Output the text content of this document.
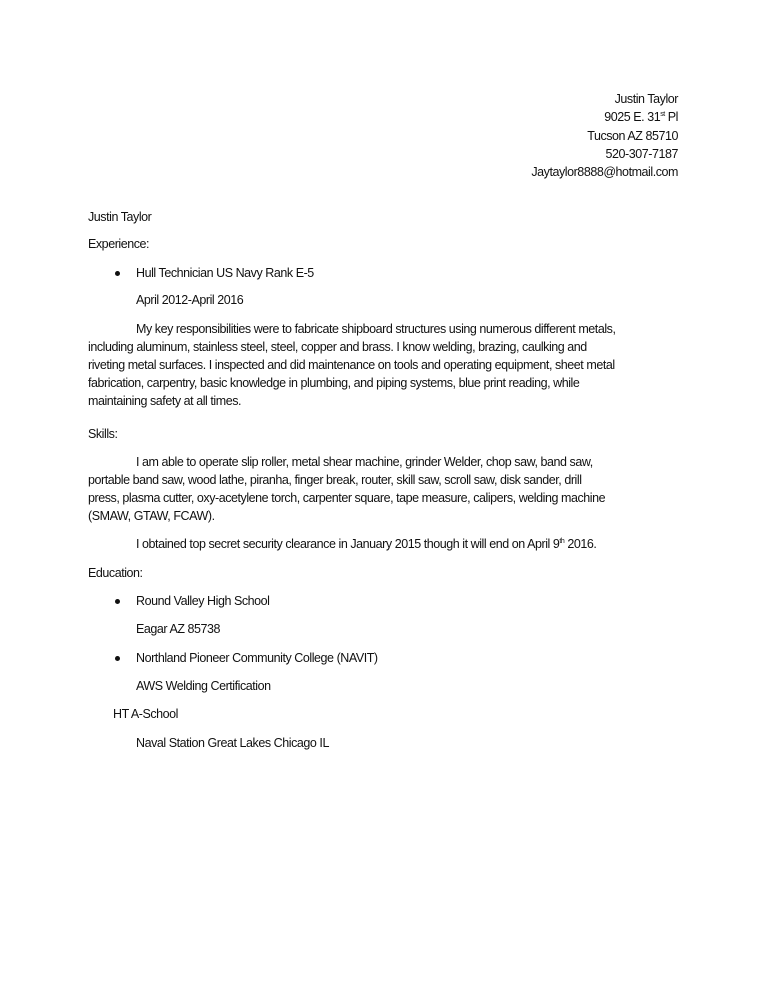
Justin Taylor
9025 E. 31st Pl
Tucson AZ 85710
520-307-7187
Jaytaylor8888@hotmail.com
Justin Taylor
Experience:
Hull Technician US Navy Rank E-5
April 2012-April 2016
My key responsibilities were to fabricate shipboard structures using numerous different metals,
including aluminum, stainless steel, steel, copper and brass. I know welding, brazing, caulking and
riveting metal surfaces. I inspected and did maintenance on tools and operating equipment, sheet metal
fabrication, carpentry, basic knowledge in plumbing, and piping systems, blue print reading, while
maintaining safety at all times.
Skills:
I am able to operate slip roller, metal shear machine, grinder Welder, chop saw, band saw,
portable band saw, wood lathe, piranha, finger break, router, skill saw, scroll saw, disk sander, drill
press, plasma cutter, oxy-acetylene torch, carpenter square, tape measure, calipers, welding machine
(SMAW, GTAW, FCAW).
I obtained top secret security clearance in January 2015 though it will end on April 9th 2016.
Education:
Round Valley High School
Eagar AZ 85738
Northland Pioneer Community College (NAVIT)
AWS Welding Certification
HT A-School
Naval Station Great Lakes Chicago IL
